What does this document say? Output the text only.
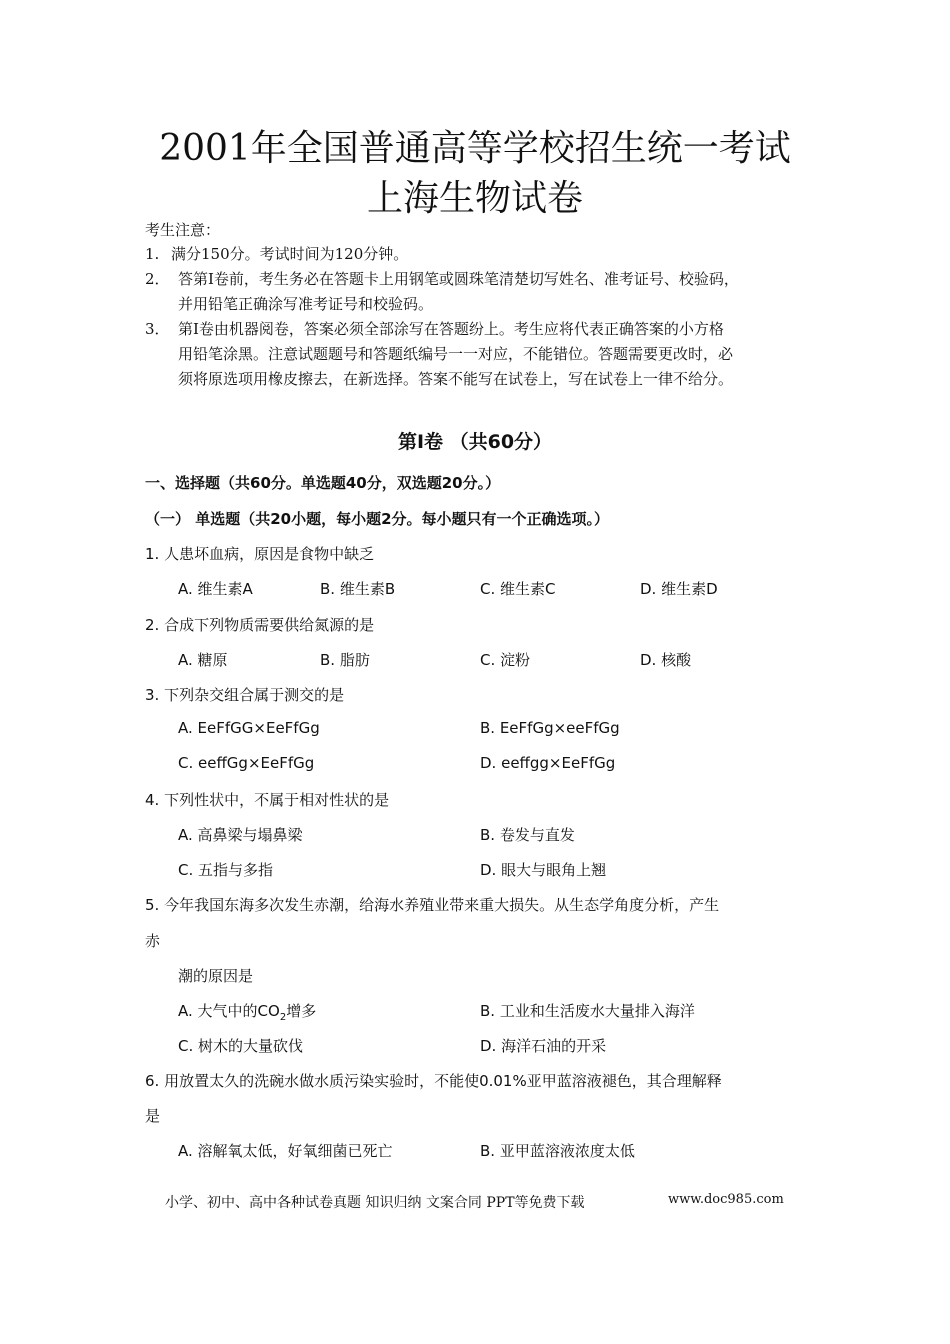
2001年全国普通高等学校招生统一考试
上海生物试卷
考生注意：
1. 满分150分。考试时间为120分钟。
2． 答第Ⅰ卷前，考生务必在答题卡上用钢笔或圆珠笔清楚切写姓名、准考证号、校验码，
并用铅笔正确涂写准考证号和校验码。
3． 第Ⅰ卷由机器阅卷，答案必须全部涂写在答题纷上。考生应将代表正确答案的小方格
用铅笔涂黑。注意试题题号和答题纸编号一一对应，不能错位。答题需要更改时，必
须将原选项用橡皮擦去，在新选择。答案不能写在试卷上，写在试卷上一律不给分。
第Ⅰ卷 （共60分）
一、选择题（共60分。单选题40分，双选题20分。）
（一） 单选题（共20小题，每小题2分。每小题只有一个正确选项。）
1. 人患坏血病，原因是食物中缺乏
A. 维生素A	B. 维生素B	C. 维生素C	D. 维生素D
2. 合成下列物质需要供给氮源的是
A. 糖原	B. 脂肪	C. 淀粉	D. 核酸
3. 下列杂交组合属于测交的是
A. EeFfGG×EeFfGg	B. EeFfGg×eeFfGg
C. eeffGg×EeFfGg	D. eeffgg×EeFfGg
4. 下列性状中，不属于相对性状的是
A. 高鼻梁与塌鼻梁	B. 卷发与直发
C. 五指与多指	D. 眼大与眼角上翘
5. 今年我国东海多次发生赤潮，给海水养殖业带来重大损失。从生态学角度分析，产生
赤
潮的原因是
A. 大气中的$CO_2$增多	B. 工业和生活废水大量排入海洋
C. 树木的大量砍伐	D. 海洋石油的开采
6. 用放置太久的洗碗水做水质污染实验时，不能使0.01%亚甲蓝溶液褪色，其合理解释
是
A. 溶解氧太低，好氧细菌已死亡	B. 亚甲蓝溶液浓度太低
小学、初中、高中各种试卷真题 知识归纳 文案合同 PPT等免费下载	www.doc985.com
